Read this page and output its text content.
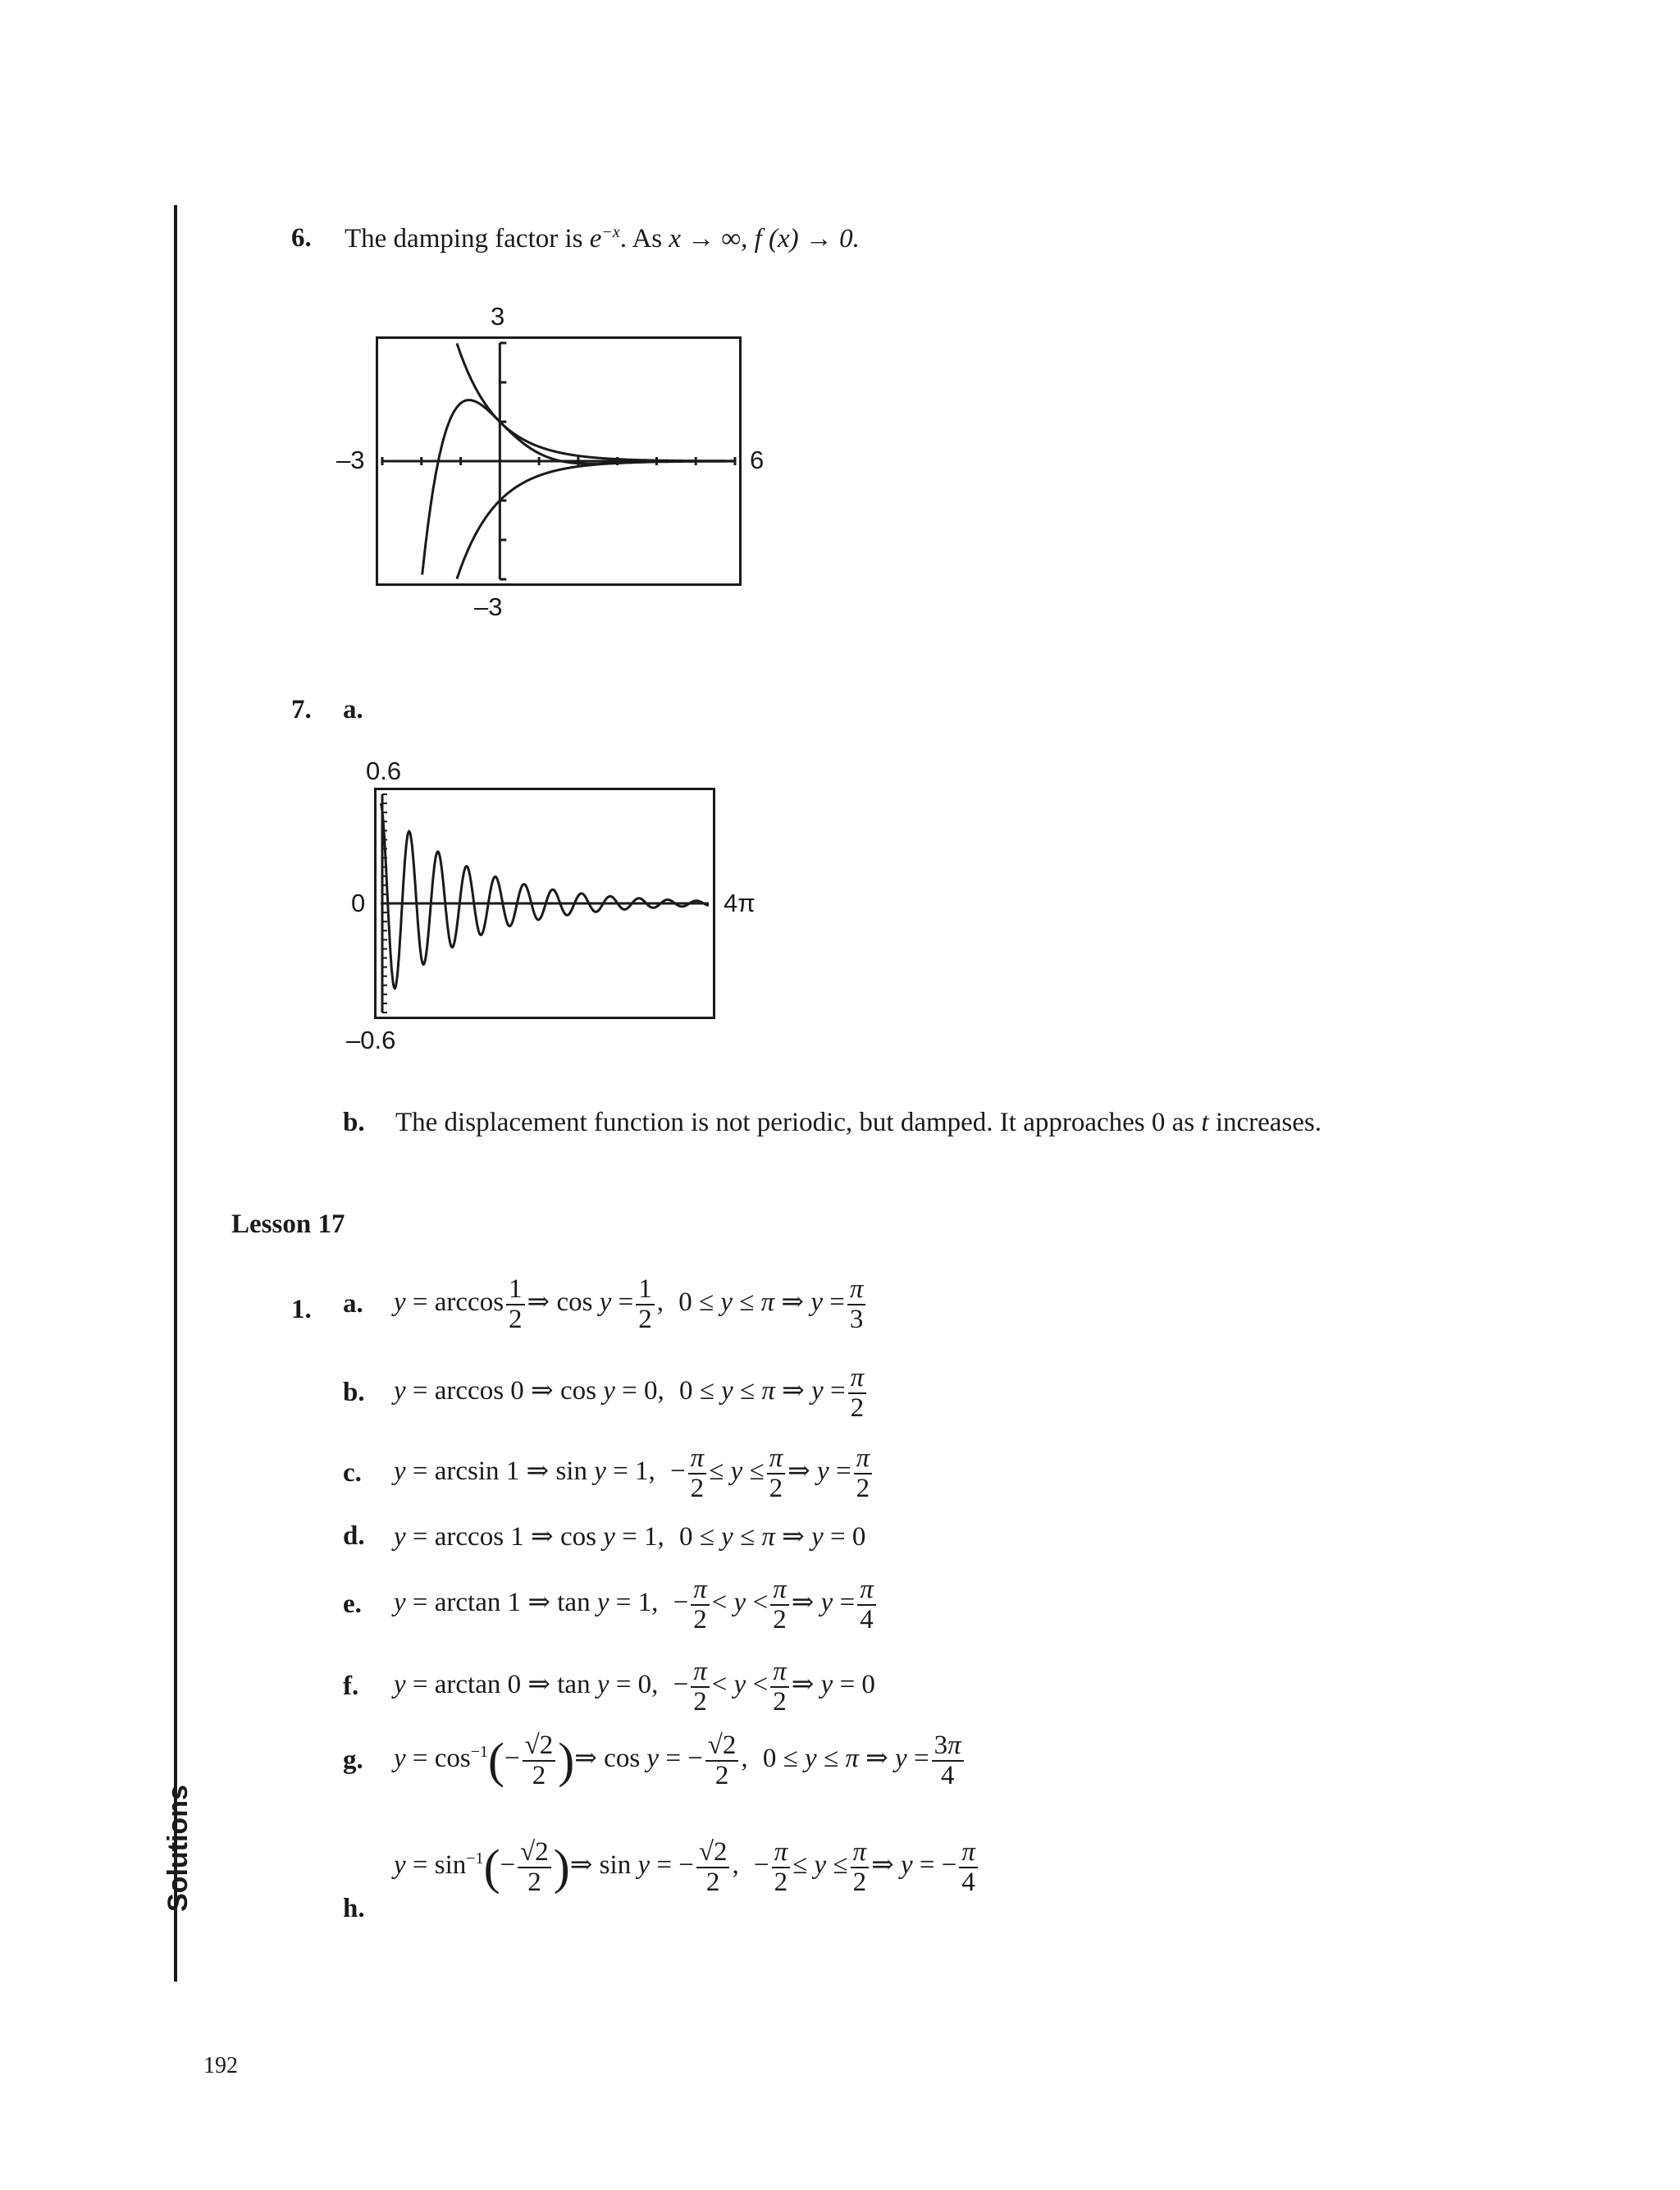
Solutions
6. The damping factor is $e^{-x}$. As x → ∞, f (x) → 0.
3
–3	6
–3
7. a.
0.6
0	4π
–0.6
b. The displacement function is not periodic, but damped. It approaches 0 as t increases.
Lesson 17
1. a.	$y = \arccos \frac{1}{2}$ ⇒ $\cos y = \frac{1}{2}$ , 0 ≤ y ≤ π ⇒ $y = \frac{\pi}{3}$
b.	y = arccos 0 ⇒ cos y = 0, 0 ≤ y ≤ π ⇒ $y = \frac{\pi}{2}$
c.	y = arcsin 1 ⇒ sin y = 1, − $\frac{\pi}{2} \le y \le \frac{\pi}{2}$ ⇒ $y = \frac{\pi}{2}$
d.	y = arccos 1 ⇒ cos y = 1, 0 ≤ y ≤ π ⇒ y = 0
e.	y = arctan 1 ⇒ tan y = 1, − $\frac{\pi}{2} < y < \frac{\pi}{2}$ ⇒ $y = \frac{\pi}{4}$
f.	y = arctan 0 ⇒ tan y = 0, − $\frac{\pi}{2} < y < \frac{\pi}{2}$ ⇒ y = 0
g.	$y = \cos^{-1}(- \frac{√2}{2}$ )⇒ cos y = − $\frac{√2}{2}$ , 0 ≤ y ≤ π ⇒ $y = \frac{3\pi}{4}$
$y = \sin^{-1}(- \frac{√2}{2}$ )⇒ sin y = − $\frac{√2}{2}$ , − $\frac{\pi}{2} \le y \le \frac{\pi}{2}$ ⇒ y = − $\frac{\pi}{4}$
h.
192
